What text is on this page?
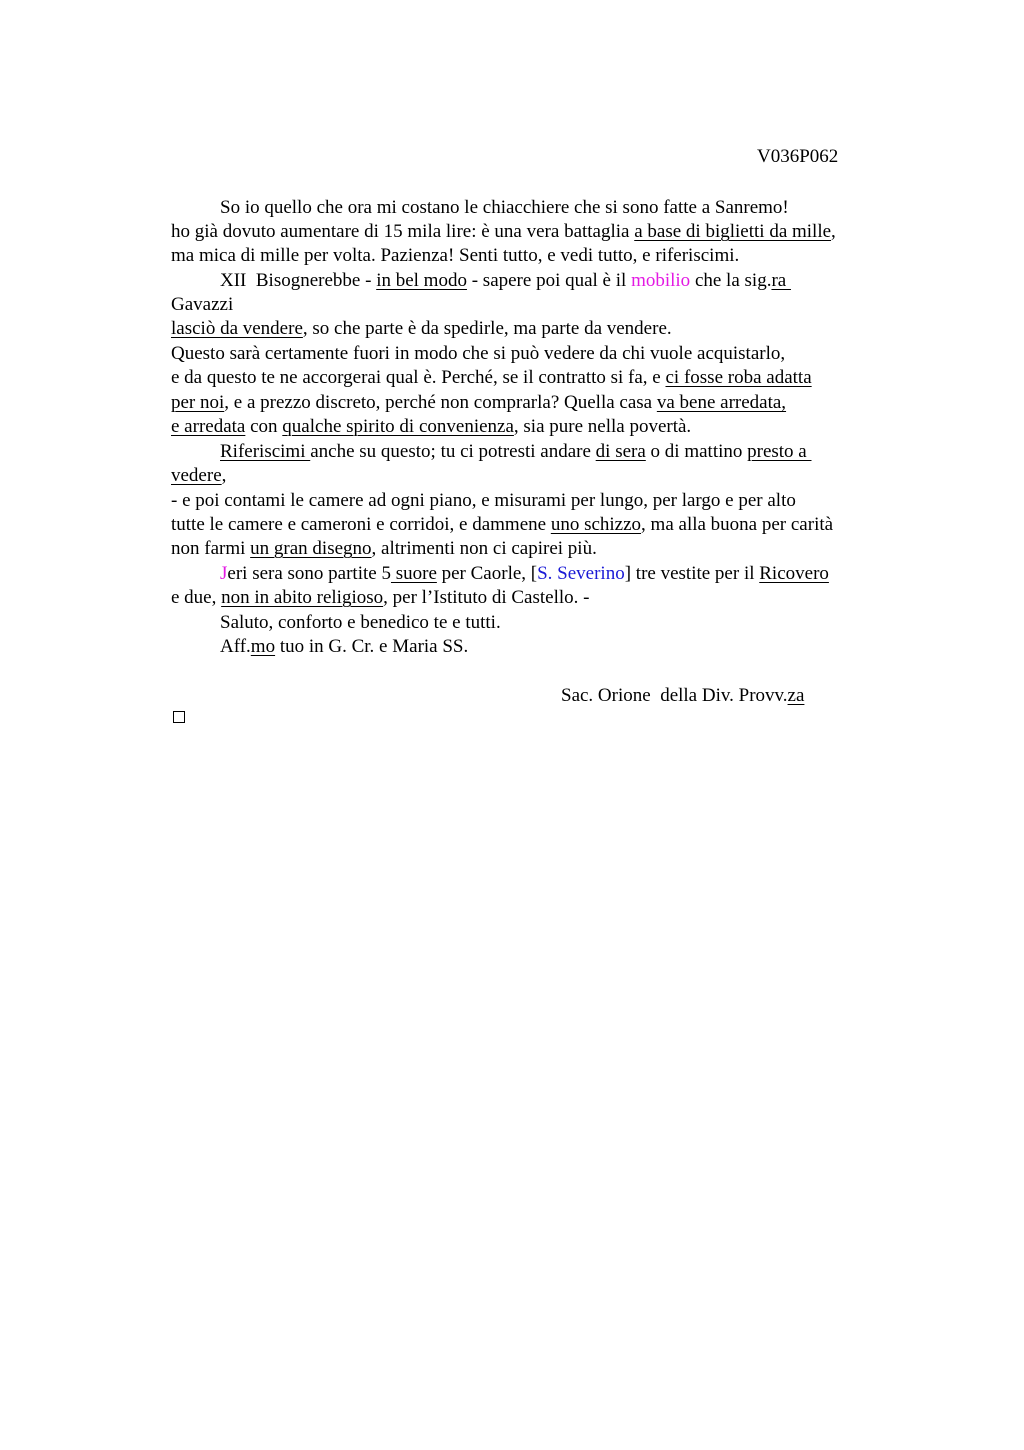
V036P062
So io quello che ora mi costano le chiacchiere che si sono fatte a Sanremo!
ho già dovuto aumentare di 15 mila lire: è una vera battaglia a base di biglietti da mille,
ma mica di mille per volta. Pazienza! Senti tutto, e vedi tutto, e riferiscimi.
XII  Bisognerebbe - in bel modo - sapere poi qual è il mobilio che la sig.ra
Gavazzi
lasciò da vendere, so che parte è da spedirle, ma parte da vendere.
Questo sarà certamente fuori in modo che si può vedere da chi vuole acquistarlo,
e da questo te ne accorgerai qual è. Perché, se il contratto si fa, e ci fosse roba adatta
per noi, e a prezzo discreto, perché non comprarla? Quella casa va bene arredata,
e arredata con qualche spirito di convenienza, sia pure nella povertà.
Riferiscimi anche su questo; tu ci potresti andare di sera o di mattino presto a
vedere,
- e poi contami le camere ad ogni piano, e misurami per lungo, per largo e per alto
tutte le camere e cameroni e corridoi, e dammene uno schizzo, ma alla buona per carità
non farmi un gran disegno, altrimenti non ci capirei più.
Jeri sera sono partite 5 suore per Caorle, [S. Severino] tre vestite per il Ricovero
e due, non in abito religioso, per l’Istituto di Castello. -
Saluto, conforto e benedico te e tutti.
Aff.mo tuo in G. Cr. e Maria SS.
Sac. Orione  della Div. Provv.za
